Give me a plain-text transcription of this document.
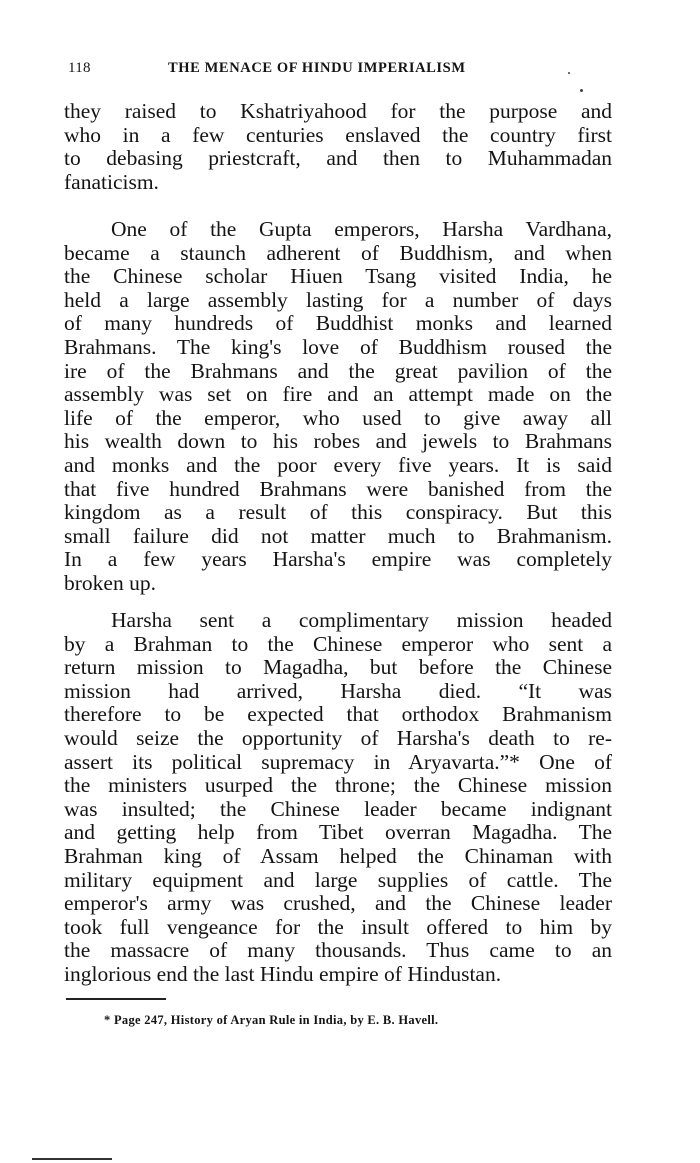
118	THE MENACE OF HINDU IMPERIALISM
they raised to Kshatriyahood for the purpose and
who in a few centuries enslaved the country first
to debasing priestcraft, and then to Muhammadan
fanaticism.
One of the Gupta emperors, Harsha Vardhana,
became a staunch adherent of Buddhism, and when
the Chinese scholar Hiuen Tsang visited India, he
held a large assembly lasting for a number of days
of many hundreds of Buddhist monks and learned
Brahmans. The king's love of Buddhism roused the
ire of the Brahmans and the great pavilion of the
assembly was set on fire and an attempt made on the
life of the emperor, who used to give away all
his wealth down to his robes and jewels to Brahmans
and monks and the poor every five years. It is said
that five hundred Brahmans were banished from the
kingdom as a result of this conspiracy. But this
small failure did not matter much to Brahmanism.
In a few years Harsha's empire was completely
broken up.
Harsha sent a complimentary mission headed
by a Brahman to the Chinese emperor who sent a
return mission to Magadha, but before the Chinese
mission had arrived, Harsha died. “It was
therefore to be expected that orthodox Brahmanism
would seize the opportunity of Harsha's death to re-
assert its political supremacy in Aryavarta.”* One of
the ministers usurped the throne; the Chinese mission
was insulted; the Chinese leader became indignant
and getting help from Tibet overran Magadha. The
Brahman king of Assam helped the Chinaman with
military equipment and large supplies of cattle. The
emperor's army was crushed, and the Chinese leader
took full vengeance for the insult offered to him by
the massacre of many thousands. Thus came to an
inglorious end the last Hindu empire of Hindustan.
* Page 247, History of Aryan Rule in India, by E. B. Havell.
